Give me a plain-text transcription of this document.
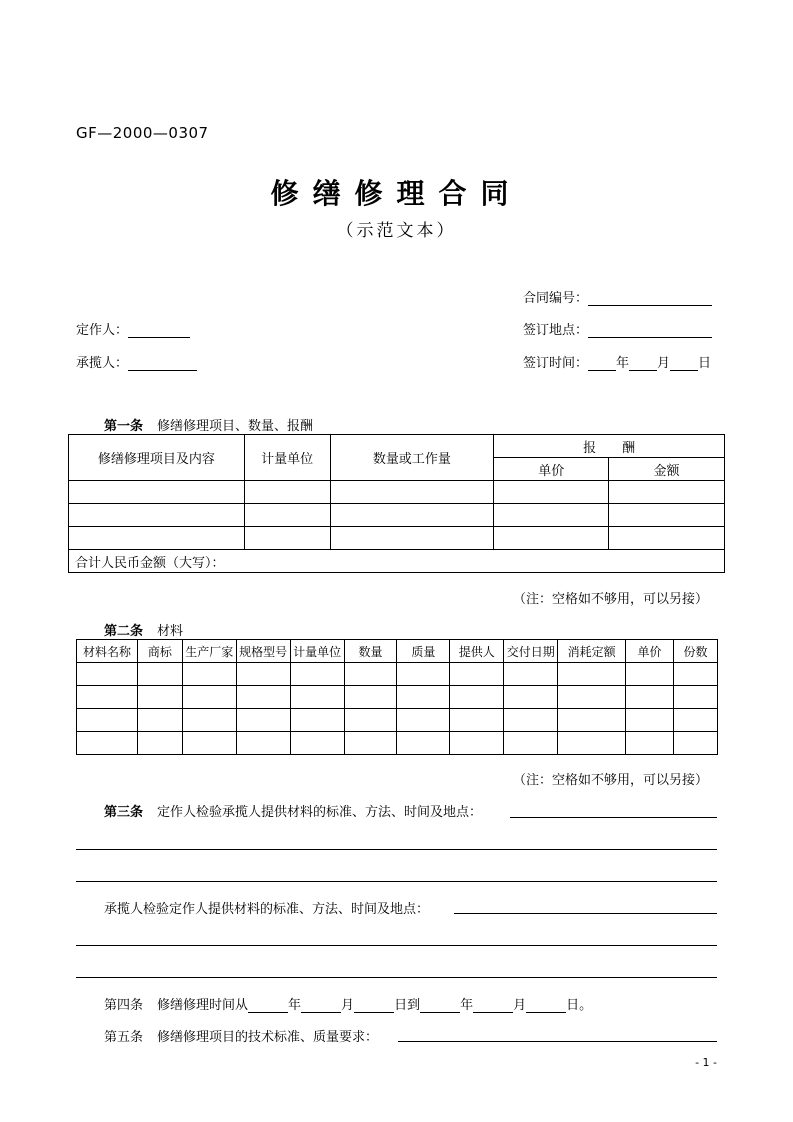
GF—2000—0307
修缮修理合同
（示范文本）
合同编号：
定作人：	签订地点：
承揽人：	签订时间： 年 月 日
第一条 修缮修理项目、数量、报酬
修缮修理项目及内容	计量单位	数量或工作量	报　　酬	
			单价	金额

合计人民币金额（大写）：				
（注：空格如不够用，可以另接）
第二条 材料
材料名称	商标	生产厂家	规格型号	计量单位	数量	质量	提供人	交付日期	消耗定额	单价	份数

（注：空格如不够用，可以另接）
第三条 定作人检验承揽人提供材料的标准、方法、时间及地点：
承揽人检验定作人提供材料的标准、方法、时间及地点：
第四条 修缮修理时间从	年	月	日到	年	月	日。
第五条 修缮修理项目的技术标准、质量要求：
- 1 -
